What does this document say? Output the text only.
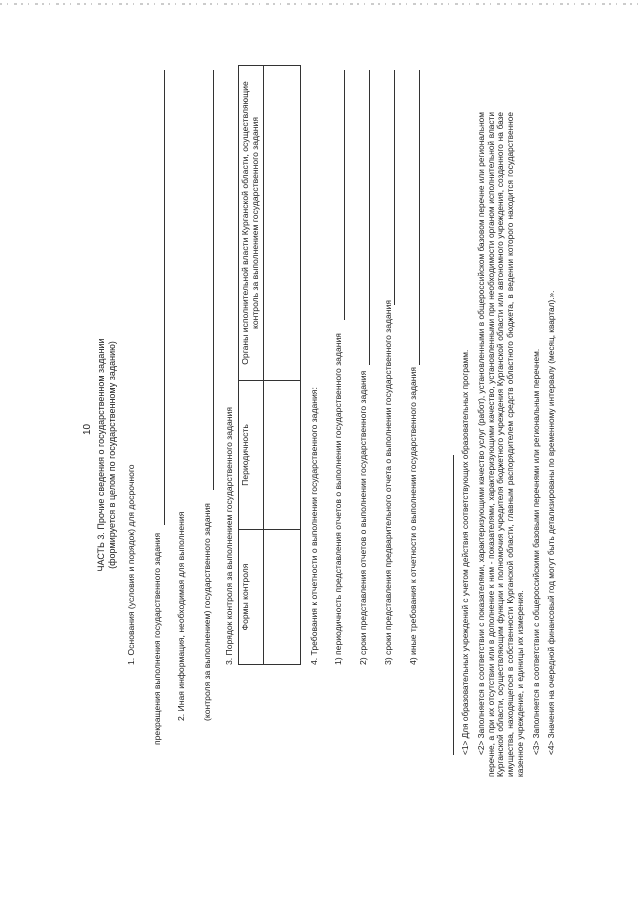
10 ЧАСТЬ 3. Прочие сведения о государственном задании (формируется в целом по государственному заданию) 1. Основания (условия и порядок) для досрочного прекращения выполнения государственного задания 2. Иная информация, необходимая для выполнения (контроля за выполнением) государственного задания 3. Порядок контроля за выполнением государственного задания Формы контроля	Периодичность	Органы исполнительной власти Курганской области, осуществляющие контроль за выполнением государственного задания

4. Требования к отчетности о выполнении государственного задания: 1) периодичность представления отчетов о выполнении государственного задания 2) сроки представления отчетов о выполнении государственного задания 3) сроки представления предварительного отчета о выполнении государственного задания 4) иные требования к отчетности о выполнении государственного задания	<1> Для образовательных учреждений с учетом действия соответствующих образовательных программ. <2> Заполняется в соответствии с показателями, характеризующими качество услуг (работ), установленными в общероссийском базовом перечне или региональном перечне, а при их отсутствии или в дополнение к ним - показателями, характеризующими качество, установленными при необходимости органом исполнительной власти Курганской области, осуществляющим функции и полномочия учредителя бюджетного учреждения Курганской области или автономного учреждения, созданного на базе имущества, находящегося в собственности Курганской области, главным распорядителем средств областного бюджета, в ведении которого находится государственное казенное учреждение, и единицы их измерения. <3> Заполняется в соответствии с общероссийскими базовыми перечнями или региональным перечнем. <4> Значения на очередной финансовый год могут быть детализированы по временному интервалу (месяц, квартал).».
